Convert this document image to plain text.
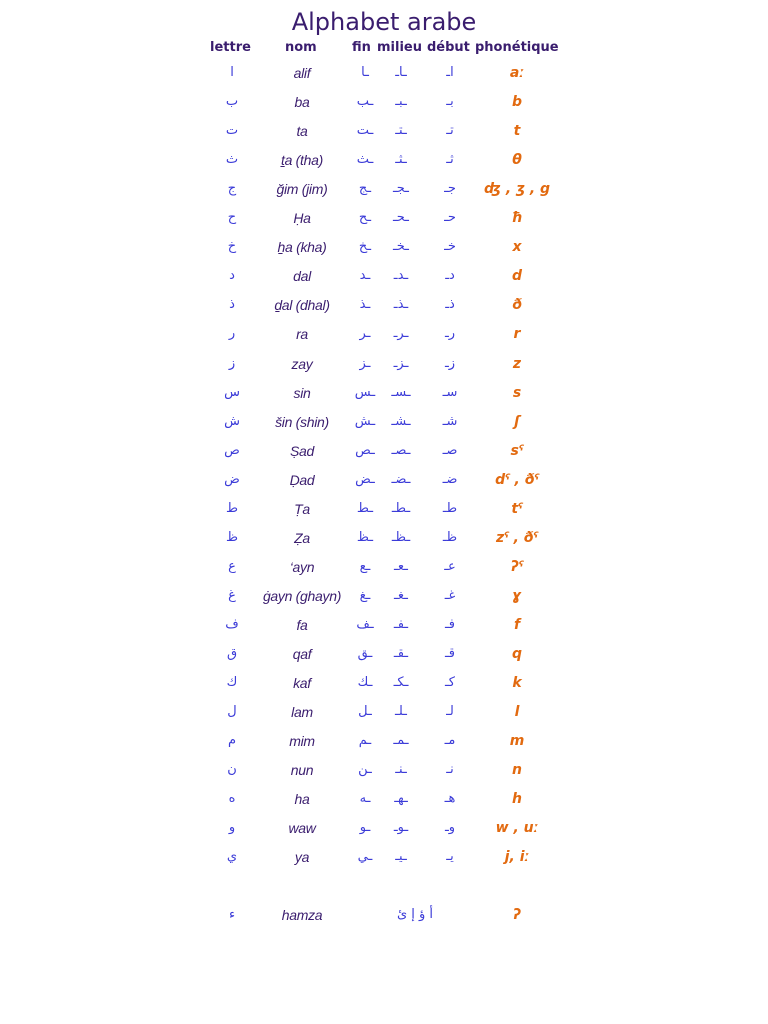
Alphabet arabe
lettre	nom	fin milieu début phonétique
ا	alif	ـا	ـاـ	اـ	aː
ب	ba	ـب	ـبـ	بـ	b
ت	ta	ـت	ـتـ	تـ	t
ث	ṯa (tha)	ـث	ـثـ	ثـ	θ
ج	ğim (jim)	ـج	ـجـ	جـ	ʤ , ʒ , g
ح	Ḥa	ـح	ـحـ	حـ	ħ
خ	ẖa (kha)	ـخ	ـخـ	خـ	x
د	dal	ـد	ـدـ	دـ	d
ذ	ḏal (dhal)	ـذ	ـذـ	ذـ	ð
ر	ra	ـر	ـرـ	رـ	r
ز	zay	ـز	ـزـ	زـ	z
س	sin	ـس	ـسـ	سـ	s
ش	šin (shin)	ـش	ـشـ	شـ	ʃ
ص	Ṣad	ـص	ـصـ	صـ	sˤ
ض	Ḍad	ـض	ـضـ	ضـ	dˤ , ðˤ
ط	Ṭa	ـط	ـطـ	طـ	tˤ
ظ	Ẓa	ـظ	ـظـ	ظـ	zˤ , ðˤ
ع	‘ayn	ـع	ـعـ	عـ	ʔˤ
غ	ġayn (ghayn)	ـغ	ـغـ	غـ	ɣ
ف	fa	ـف	ـفـ	فـ	f
ق	qaf	ـق	ـقـ	قـ	q
ك	kaf	ـك	ـكـ	كـ	k
ل	lam	ـل	ـلـ	لـ	l
م	mim	ـم	ـمـ	مـ	m
ن	nun	ـن	ـنـ	نـ	n
ه	ha	ـه	ـهـ	هـ	h
و	waw	ـو	ـوـ	وـ	w , uː
ي	ya	ـي	ـيـ	يـ	j, iː
ء	hamza	أ ؤ إ ئ	ʔ
